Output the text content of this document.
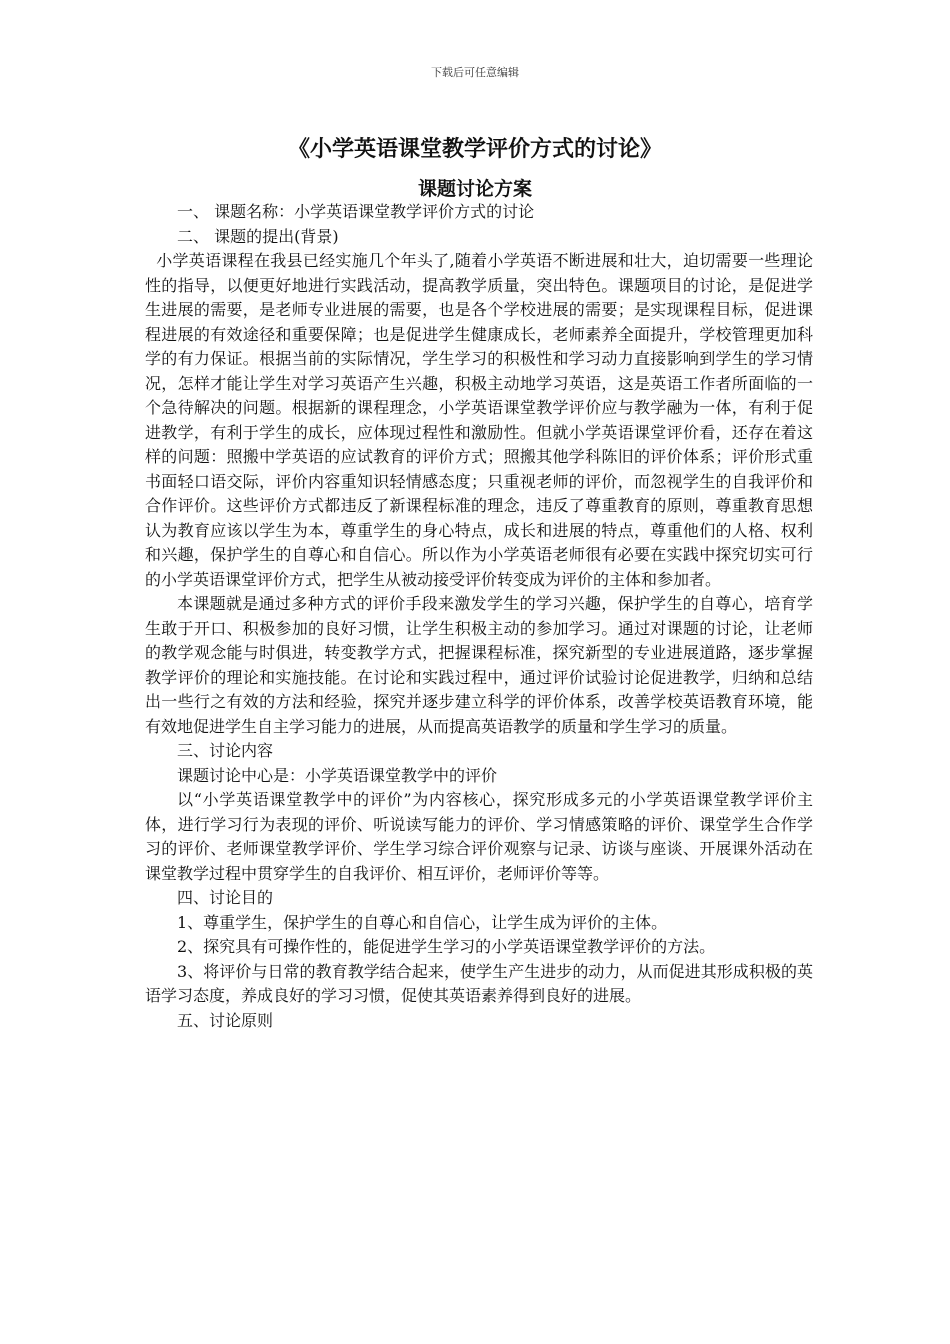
下载后可任意编辑
《小学英语课堂教学评价方式的讨论》
课题讨论方案

一、 课题名称：小学英语课堂教学评价方式的讨论

二、 课题的提出(背景)

小学英语课程在我县已经实施几个年头了,随着小学英语不断进展和壮大，迫切需要一些理论性的指导，以便更好地进行实践活动，提高教学质量，突出特色。课题项目的讨论，是促进学生进展的需要，是老师专业进展的需要，也是各个学校进展的需要；是实现课程目标，促进课程进展的有效途径和重要保障；也是促进学生健康成长，老师素养全面提升，学校管理更加科学的有力保证。根据当前的实际情况，学生学习的积极性和学习动力直接影响到学生的学习情况，怎样才能让学生对学习英语产生兴趣，积极主动地学习英语，这是英语工作者所面临的一个急待解决的问题。根据新的课程理念，小学英语课堂教学评价应与教学融为一体，有利于促进教学，有利于学生的成长，应体现过程性和激励性。但就小学英语课堂评价看，还存在着这样的问题：照搬中学英语的应试教育的评价方式；照搬其他学科陈旧的评价体系；评价形式重书面轻口语交际，评价内容重知识轻情感态度；只重视老师的评价，而忽视学生的自我评价和合作评价。这些评价方式都违反了新课程标准的理念，违反了尊重教育的原则，尊重教育思想认为教育应该以学生为本，尊重学生的身心特点，成长和进展的特点，尊重他们的人格、权利和兴趣，保护学生的自尊心和自信心。所以作为小学英语老师很有必要在实践中探究切实可行的小学英语课堂评价方式，把学生从被动接受评价转变成为评价的主体和参加者。

本课题就是通过多种方式的评价手段来激发学生的学习兴趣，保护学生的自尊心，培育学生敢于开口、积极参加的良好习惯，让学生积极主动的参加学习。通过对课题的讨论，让老师的教学观念能与时俱进，转变教学方式，把握课程标准，探究新型的专业进展道路，逐步掌握教学评价的理论和实施技能。在讨论和实践过程中，通过评价试验讨论促进教学，归纳和总结出一些行之有效的方法和经验，探究并逐步建立科学的评价体系，改善学校英语教育环境，能有效地促进学生自主学习能力的进展，从而提高英语教学的质量和学生学习的质量。

三、讨论内容

课题讨论中心是：小学英语课堂教学中的评价

以“小学英语课堂教学中的评价”为内容核心，探究形成多元的小学英语课堂教学评价主体，进行学习行为表现的评价、听说读写能力的评价、学习情感策略的评价、课堂学生合作学习的评价、老师课堂教学评价、学生学习综合评价观察与记录、访谈与座谈、开展课外活动在课堂教学过程中贯穿学生的自我评价、相互评价，老师评价等等。

四、讨论目的

1、尊重学生，保护学生的自尊心和自信心，让学生成为评价的主体。

2、探究具有可操作性的，能促进学生学习的小学英语课堂教学评价的方法。

3、将评价与日常的教育教学结合起来，使学生产生进步的动力，从而促进其形成积极的英语学习态度，养成良好的学习习惯，促使其英语素养得到良好的进展。

五、讨论原则
